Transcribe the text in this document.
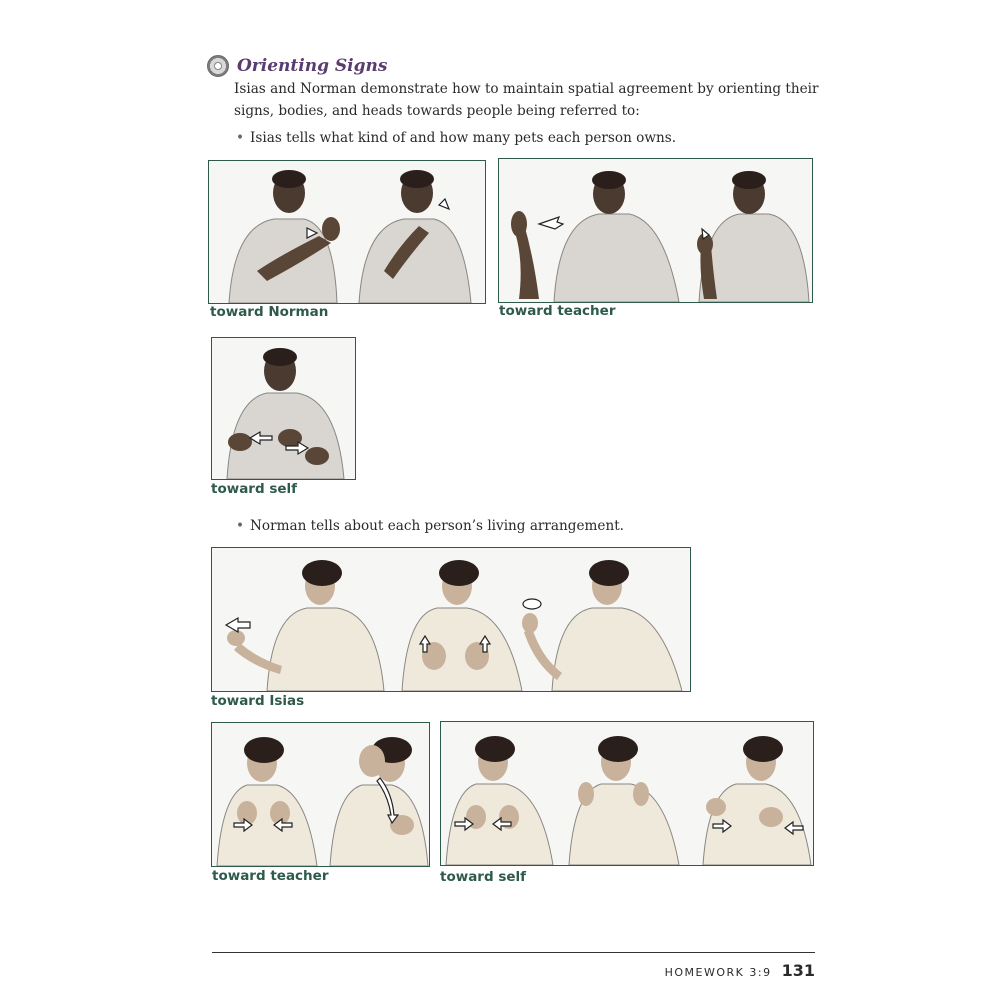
Orienting Signs
Isias and Norman demonstrate how to maintain spatial agreement by orienting their signs, bodies, and heads towards people being referred to:
• Isias tells what kind of and how many pets each person owns.
toward Norman	toward teacher
toward self
• Norman tells about each person’s living arrangement.
toward Isias
toward teacher	toward self
HOMEWORK 3:9 131
